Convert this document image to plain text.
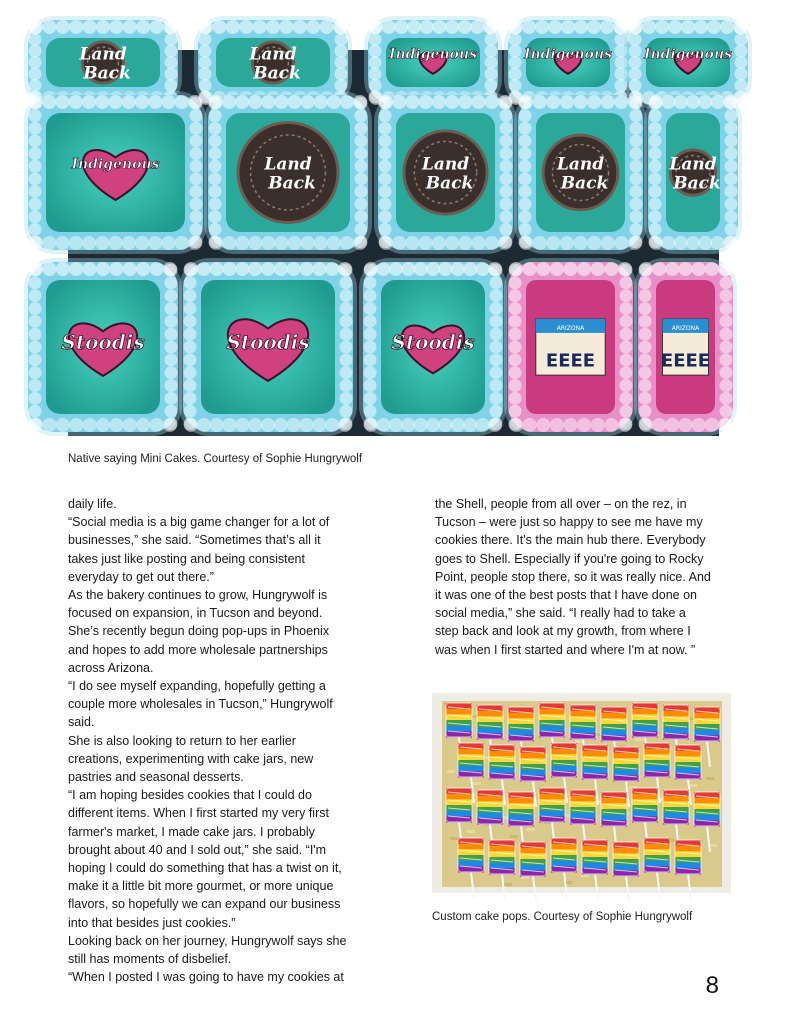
Land
Back
Land
Back
Indigenous	Indigenous Indigenous
Indigenous	Land
Back
Land
Back
Land
Back
Land
Back
Stoodis	Stoodis	Stoodis
ARIZONA
EEEE
ARIZONA
EEEE
Native saying Mini Cakes. Courtesy of Sophie Hungrywolf
daily life.
“Social media is a big game changer for a lot of
businesses,” she said. “Sometimes that’s all it
takes just like posting and being consistent
everyday to get out there.”
As the bakery continues to grow, Hungrywolf is
focused on expansion, in Tucson and beyond.
She’s recently begun doing pop-ups in Phoenix
and hopes to add more wholesale partnerships
across Arizona.
“I do see myself expanding, hopefully getting a
couple more wholesales in Tucson,” Hungrywolf
said.
She is also looking to return to her earlier
creations, experimenting with cake jars, new
pastries and seasonal desserts.
“I am hoping besides cookies that I could do
different items. When I first started my very first
farmer's market, I made cake jars. I probably
brought about 40 and I sold out,” she said. “I'm
hoping I could do something that has a twist on it,
make it a little bit more gourmet, or more unique
flavors, so hopefully we can expand our business
into that besides just cookies.”
Looking back on her journey, Hungrywolf says she
still has moments of disbelief.
“When I posted I was going to have my cookies at
the Shell, people from all over – on the rez, in
Tucson – were just so happy to see me have my
cookies there. It's the main hub there. Everybody
goes to Shell. Especially if you're going to Rocky
Point, people stop there, so it was really nice. And
it was one of the best posts that I have done on
social media,” she said. “I really had to take a
step back and look at my growth, from where I
was when I first started and where I'm at now. ”
Custom cake pops. Courtesy of Sophie Hungrywolf
8
